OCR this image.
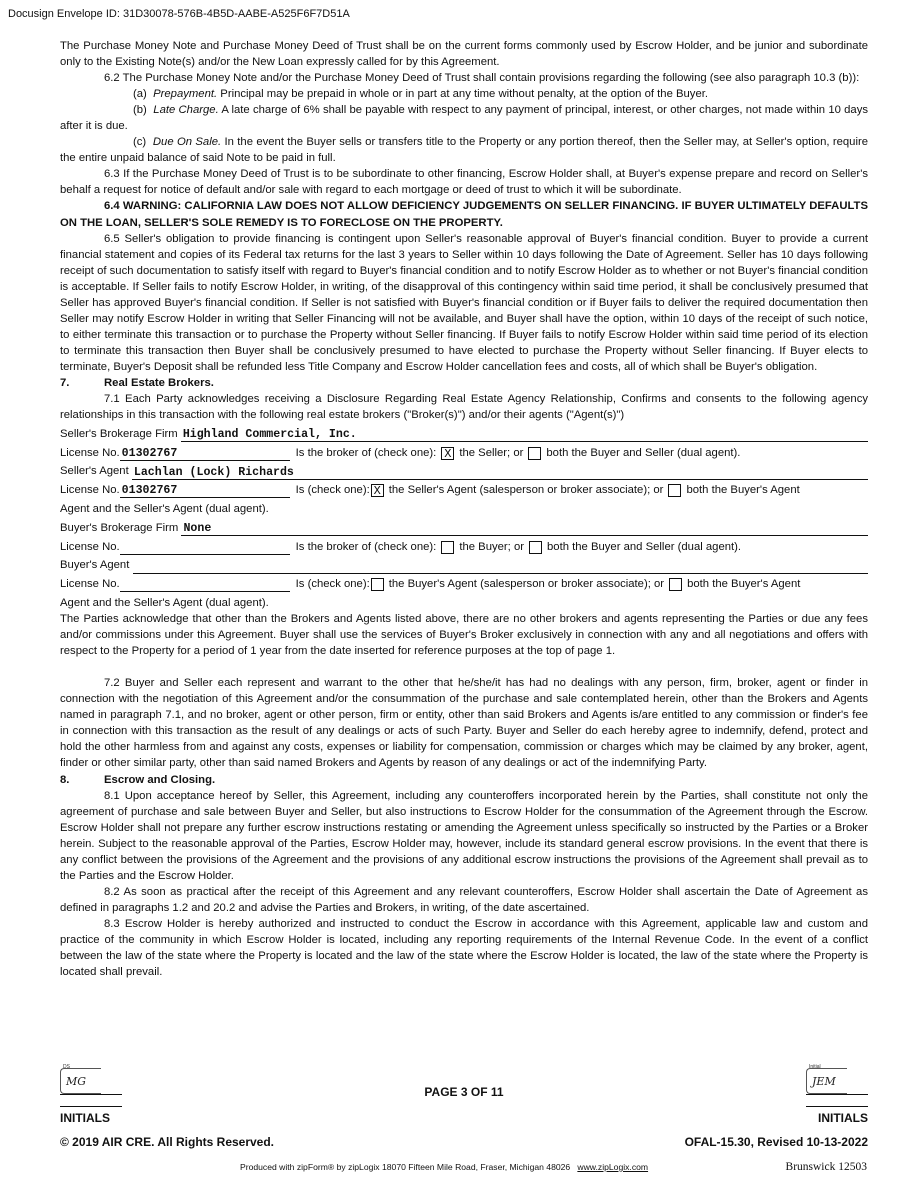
Docusign Envelope ID: 31D30078-576B-4B5D-AABE-A525F6F7D51A

The Purchase Money Note and Purchase Money Deed of Trust shall be on the current forms commonly used by Escrow Holder, and be junior and subordinate only to the Existing Note(s) and/or the New Loan expressly called for by this Agreement.

6.2 The Purchase Money Note and/or the Purchase Money Deed of Trust shall contain provisions regarding the following (see also paragraph 10.3 (b)):

(a) Prepayment. Principal may be prepaid in whole or in part at any time without penalty, at the option of the Buyer.

(b) Late Charge. A late charge of 6% shall be payable with respect to any payment of principal, interest, or other charges, not made within 10 days after it is due.

(c) Due On Sale. In the event the Buyer sells or transfers title to the Property or any portion thereof, then the Seller may, at Seller's option, require the entire unpaid balance of said Note to be paid in full.

6.3 If the Purchase Money Deed of Trust is to be subordinate to other financing, Escrow Holder shall, at Buyer's expense prepare and record on Seller's behalf a request for notice of default and/or sale with regard to each mortgage or deed of trust to which it will be subordinate.

6.4 WARNING: CALIFORNIA LAW DOES NOT ALLOW DEFICIENCY JUDGEMENTS ON SELLER FINANCING. IF BUYER ULTIMATELY DEFAULTS ON THE LOAN, SELLER'S SOLE REMEDY IS TO FORECLOSE ON THE PROPERTY.

6.5 Seller's obligation to provide financing is contingent upon Seller's reasonable approval of Buyer's financial condition. Buyer to provide a current financial statement and copies of its Federal tax returns for the last 3 years to Seller within 10 days following the Date of Agreement. Seller has 10 days following receipt of such documentation to satisfy itself with regard to Buyer's financial condition and to notify Escrow Holder as to whether or not Buyer's financial condition is acceptable. If Seller fails to notify Escrow Holder, in writing, of the disapproval of this contingency within said time period, it shall be conclusively presumed that Seller has approved Buyer's financial condition. If Seller is not satisfied with Buyer's financial condition or if Buyer fails to deliver the required documentation then Seller may notify Escrow Holder in writing that Seller Financing will not be available, and Buyer shall have the option, within 10 days of the receipt of such notice, to either terminate this transaction or to purchase the Property without Seller financing. If Buyer fails to notify Escrow Holder within said time period of its election to terminate this transaction then Buyer shall be conclusively presumed to have elected to purchase the Property without Seller financing. If Buyer elects to terminate, Buyer's Deposit shall be refunded less Title Company and Escrow Holder cancellation fees and costs, all of which shall be Buyer's obligation.

7.	Real Estate Brokers.

7.1 Each Party acknowledges receiving a Disclosure Regarding Real Estate Agency Relationship, Confirms and consents to the following agency relationships in this transaction with the following real estate brokers ("Broker(s)") and/or their agents ("Agent(s)")

Seller's Brokerage Firm
Highland Commercial, Inc.
License No. 01302767	Is the broker of (check one): X the Seller; or both the Buyer and Seller (dual agent).
Seller's Agent
Lachlan (Lock) Richards
License No. 01302767	Is (check one): X the Seller's Agent (salesperson or broker associate); or both the Buyer's Agent
Agent and the Seller's Agent (dual agent).
Buyer's Brokerage Firm
None
License No.	Is the broker of (check one): the Buyer; or both the Buyer and Seller (dual agent).
Buyer's Agent

License No.	Is (check one): the Buyer's Agent (salesperson or broker associate); or both the Buyer's Agent
Agent and the Seller's Agent (dual agent).

The Parties acknowledge that other than the Brokers and Agents listed above, there are no other brokers and agents representing the Parties or due any fees and/or commissions under this Agreement. Buyer shall use the services of Buyer's Broker exclusively in connection with any and all negotiations and offers with respect to the Property for a period of 1 year from the date inserted for reference purposes at the top of page 1.

7.2 Buyer and Seller each represent and warrant to the other that he/she/it has had no dealings with any person, firm, broker, agent or finder in connection with the negotiation of this Agreement and/or the consummation of the purchase and sale contemplated herein, other than the Brokers and Agents named in paragraph 7.1, and no broker, agent or other person, firm or entity, other than said Brokers and Agents is/are entitled to any commission or finder's fee in connection with this transaction as the result of any dealings or acts of such Party. Buyer and Seller do each hereby agree to indemnify, defend, protect and hold the other harmless from and against any costs, expenses or liability for compensation, commission or charges which may be claimed by any broker, agent, finder or other similar party, other than said named Brokers and Agents by reason of any dealings or act of the indemnifying Party.

8.	Escrow and Closing.

8.1 Upon acceptance hereof by Seller, this Agreement, including any counteroffers incorporated herein by the Parties, shall constitute not only the agreement of purchase and sale between Buyer and Seller, but also instructions to Escrow Holder for the consummation of the Agreement through the Escrow. Escrow Holder shall not prepare any further escrow instructions restating or amending the Agreement unless specifically so instructed by the Parties or a Broker herein. Subject to the reasonable approval of the Parties, Escrow Holder may, however, include its standard general escrow provisions. In the event that there is any conflict between the provisions of the Agreement and the provisions of any additional escrow instructions the provisions of the Agreement shall prevail as to the Parties and the Escrow Holder.

8.2 As soon as practical after the receipt of this Agreement and any relevant counteroffers, Escrow Holder shall ascertain the Date of Agreement as defined in paragraphs 1.2 and 20.2 and advise the Parties and Brokers, in writing, of the date ascertained.

8.3 Escrow Holder is hereby authorized and instructed to conduct the Escrow in accordance with this Agreement, applicable law and custom and practice of the community in which Escrow Holder is located, including any reporting requirements of the Internal Revenue Code. In the event of a conflict between the law of the state where the Property is located and the law of the state where the Escrow Holder is located, the law of the state where the Property is located shall prevail.

DS
MG
Initial
JEM
PAGE 3 OF 11
INITIALS	INITIALS
© 2019 AIR CRE. All Rights Reserved.	OFAL-15.30, Revised 10-13-2022
Produced with zipForm® by zipLogix 18070 Fifteen Mile Road, Fraser, Michigan 48026 www.zipLogix.com	Brunswick 12503
